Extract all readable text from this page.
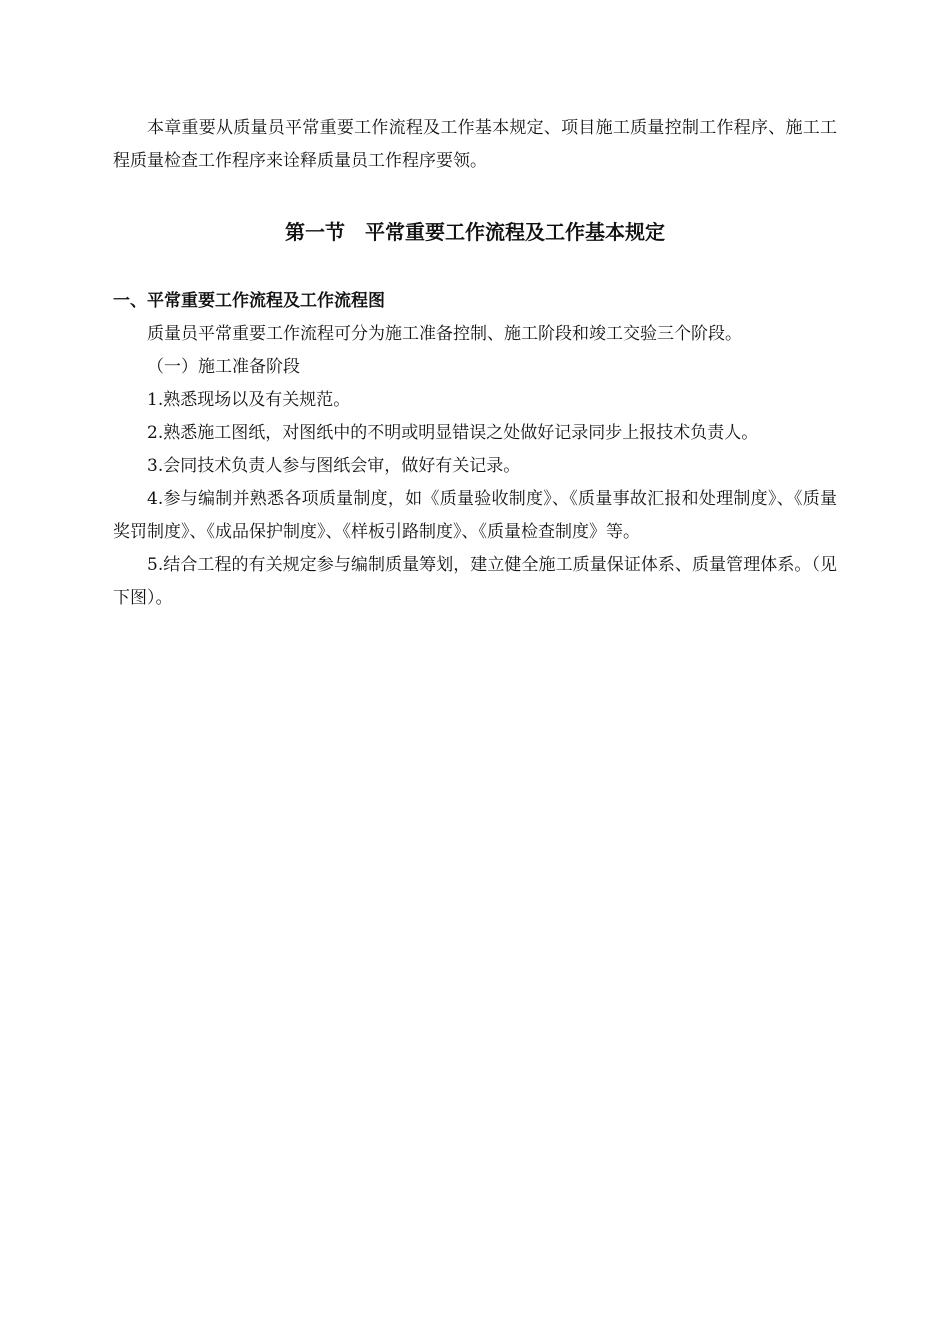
本章重要从质量员平常重要工作流程及工作基本规定、项目施工质量控制工作程序、施工工程质量检查工作程序来诠释质量员工作程序要领。

第一节　平常重要工作流程及工作基本规定
一、平常重要工作流程及工作流程图

质量员平常重要工作流程可分为施工准备控制、施工阶段和竣工交验三个阶段。

（一）施工准备阶段

1.熟悉现场以及有关规范。

2.熟悉施工图纸，对图纸中的不明或明显错误之处做好记录同步上报技术负责人。

3.会同技术负责人参与图纸会审，做好有关记录。

4.参与编制并熟悉各项质量制度，如《质量验收制度》、《质量事故汇报和处理制度》、《质量奖罚制度》、《成品保护制度》、《样板引路制度》、《质量检查制度》等。

5.结合工程的有关规定参与编制质量筹划，建立健全施工质量保证体系、质量管理体系。（见下图）。
